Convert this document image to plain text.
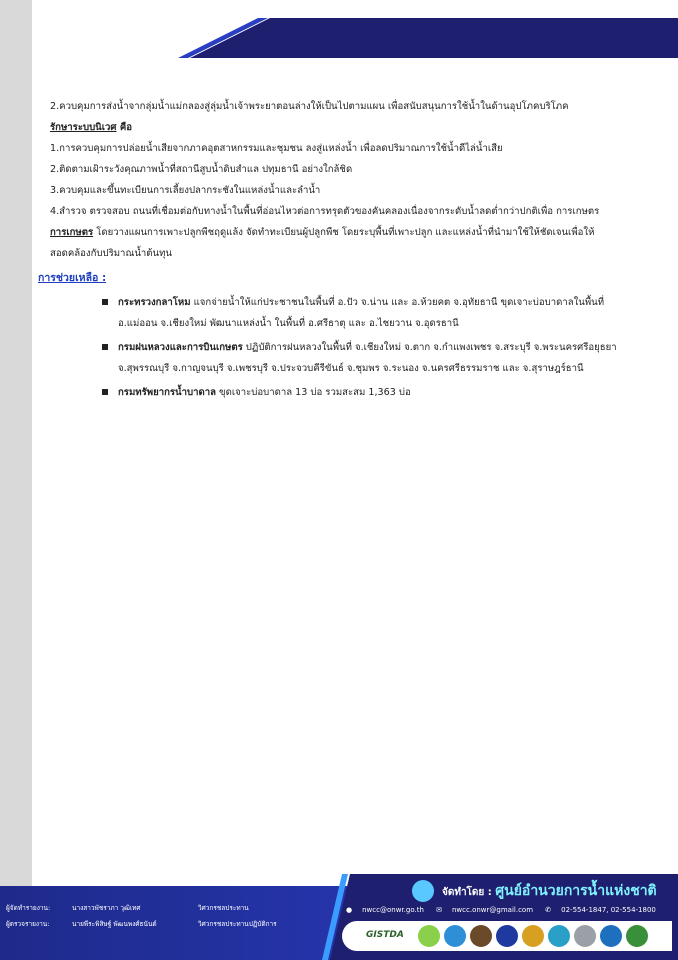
2.ควบคุมการส่งน้ำจากลุ่มน้ำแม่กลองสู่ลุ่มน้ำเจ้าพระยาตอนล่างให้เป็นไปตามแผน เพื่อสนับสนุนการใช้น้ำในด้านอุปโภคบริโภค

รักษาระบบนิเวศ คือ

1.การควบคุมการปล่อยน้ำเสียจากภาคอุตสาหกรรมและชุมชน ลงสู่แหล่งน้ำ เพื่อลดปริมาณการใช้น้ำดีไล่น้ำเสีย

2.ติดตามเฝ้าระวังคุณภาพน้ำที่สถานีสูบน้ำดิบสำแล ปทุมธานี อย่างใกล้ชิด

3.ควบคุมและขึ้นทะเบียนการเลี้ยงปลากระชังในแหล่งน้ำและลำน้ำ

4.สำรวจ ตรวจสอบ ถนนที่เชื่อมต่อกับทางน้ำในพื้นที่อ่อนไหวต่อการทรุดตัวของคันคลองเนื่องจากระดับน้ำลดต่ำกว่าปกติเพื่อ การเกษตร

การเกษตร โดยวางแผนการเพาะปลูกพืชฤดูแล้ง จัดทำทะเบียนผู้ปลูกพืช โดยระบุพื้นที่เพาะปลูก และแหล่งน้ำที่นำมาใช้ให้ชัดเจนเพื่อให้

สอดคล้องกับปริมาณน้ำต้นทุน

การช่วยเหลือ :

กระทรวงกลาโหม แจกจ่ายน้ำให้แก่ประชาชนในพื้นที่ อ.ปัว จ.น่าน และ อ.ห้วยคต จ.อุทัยธานี ขุดเจาะบ่อบาดาลในพื้นที่
อ.แม่ออน จ.เชียงใหม่ พัฒนาแหล่งน้ำ ในพื้นที่ อ.ศรีธาตุ และ อ.ไชยวาน จ.อุดรธานี
กรมฝนหลวงและการบินเกษตร ปฏิบัติการฝนหลวงในพื้นที่ จ.เชียงใหม่ จ.ตาก จ.กำแพงเพชร จ.สระบุรี จ.พระนครศรีอยุธยา
จ.สุพรรณบุรี จ.กาญจนบุรี จ.เพชรบุรี จ.ประจวบคีรีขันธ์ จ.ชุมพร จ.ระนอง จ.นครศรีธรรมราช และ จ.สุราษฎร์ธานี
กรมทรัพยากรน้ำบาดาล ขุดเจาะบ่อบาดาล 13 บ่อ รวมสะสม 1,363 บ่อ
ผู้จัดทำรายงาน:	นางสาวพัชราภา วุฒิเทศ	วิศวกรชลประทาน
ผู้ตรวจรายงาน:	นายพีระพิสิษฐ์ พัฒนพงศ์ธนันต์	วิศวกรชลประทานปฏิบัติการ
จัดทำโดย : ศูนย์อำนวยการน้ำแห่งชาติ
● nwcc@onwr.go.th ✉ nwcc.onwr@gmail.com ✆ 02-554-1847, 02-554-1800
GISTDA
